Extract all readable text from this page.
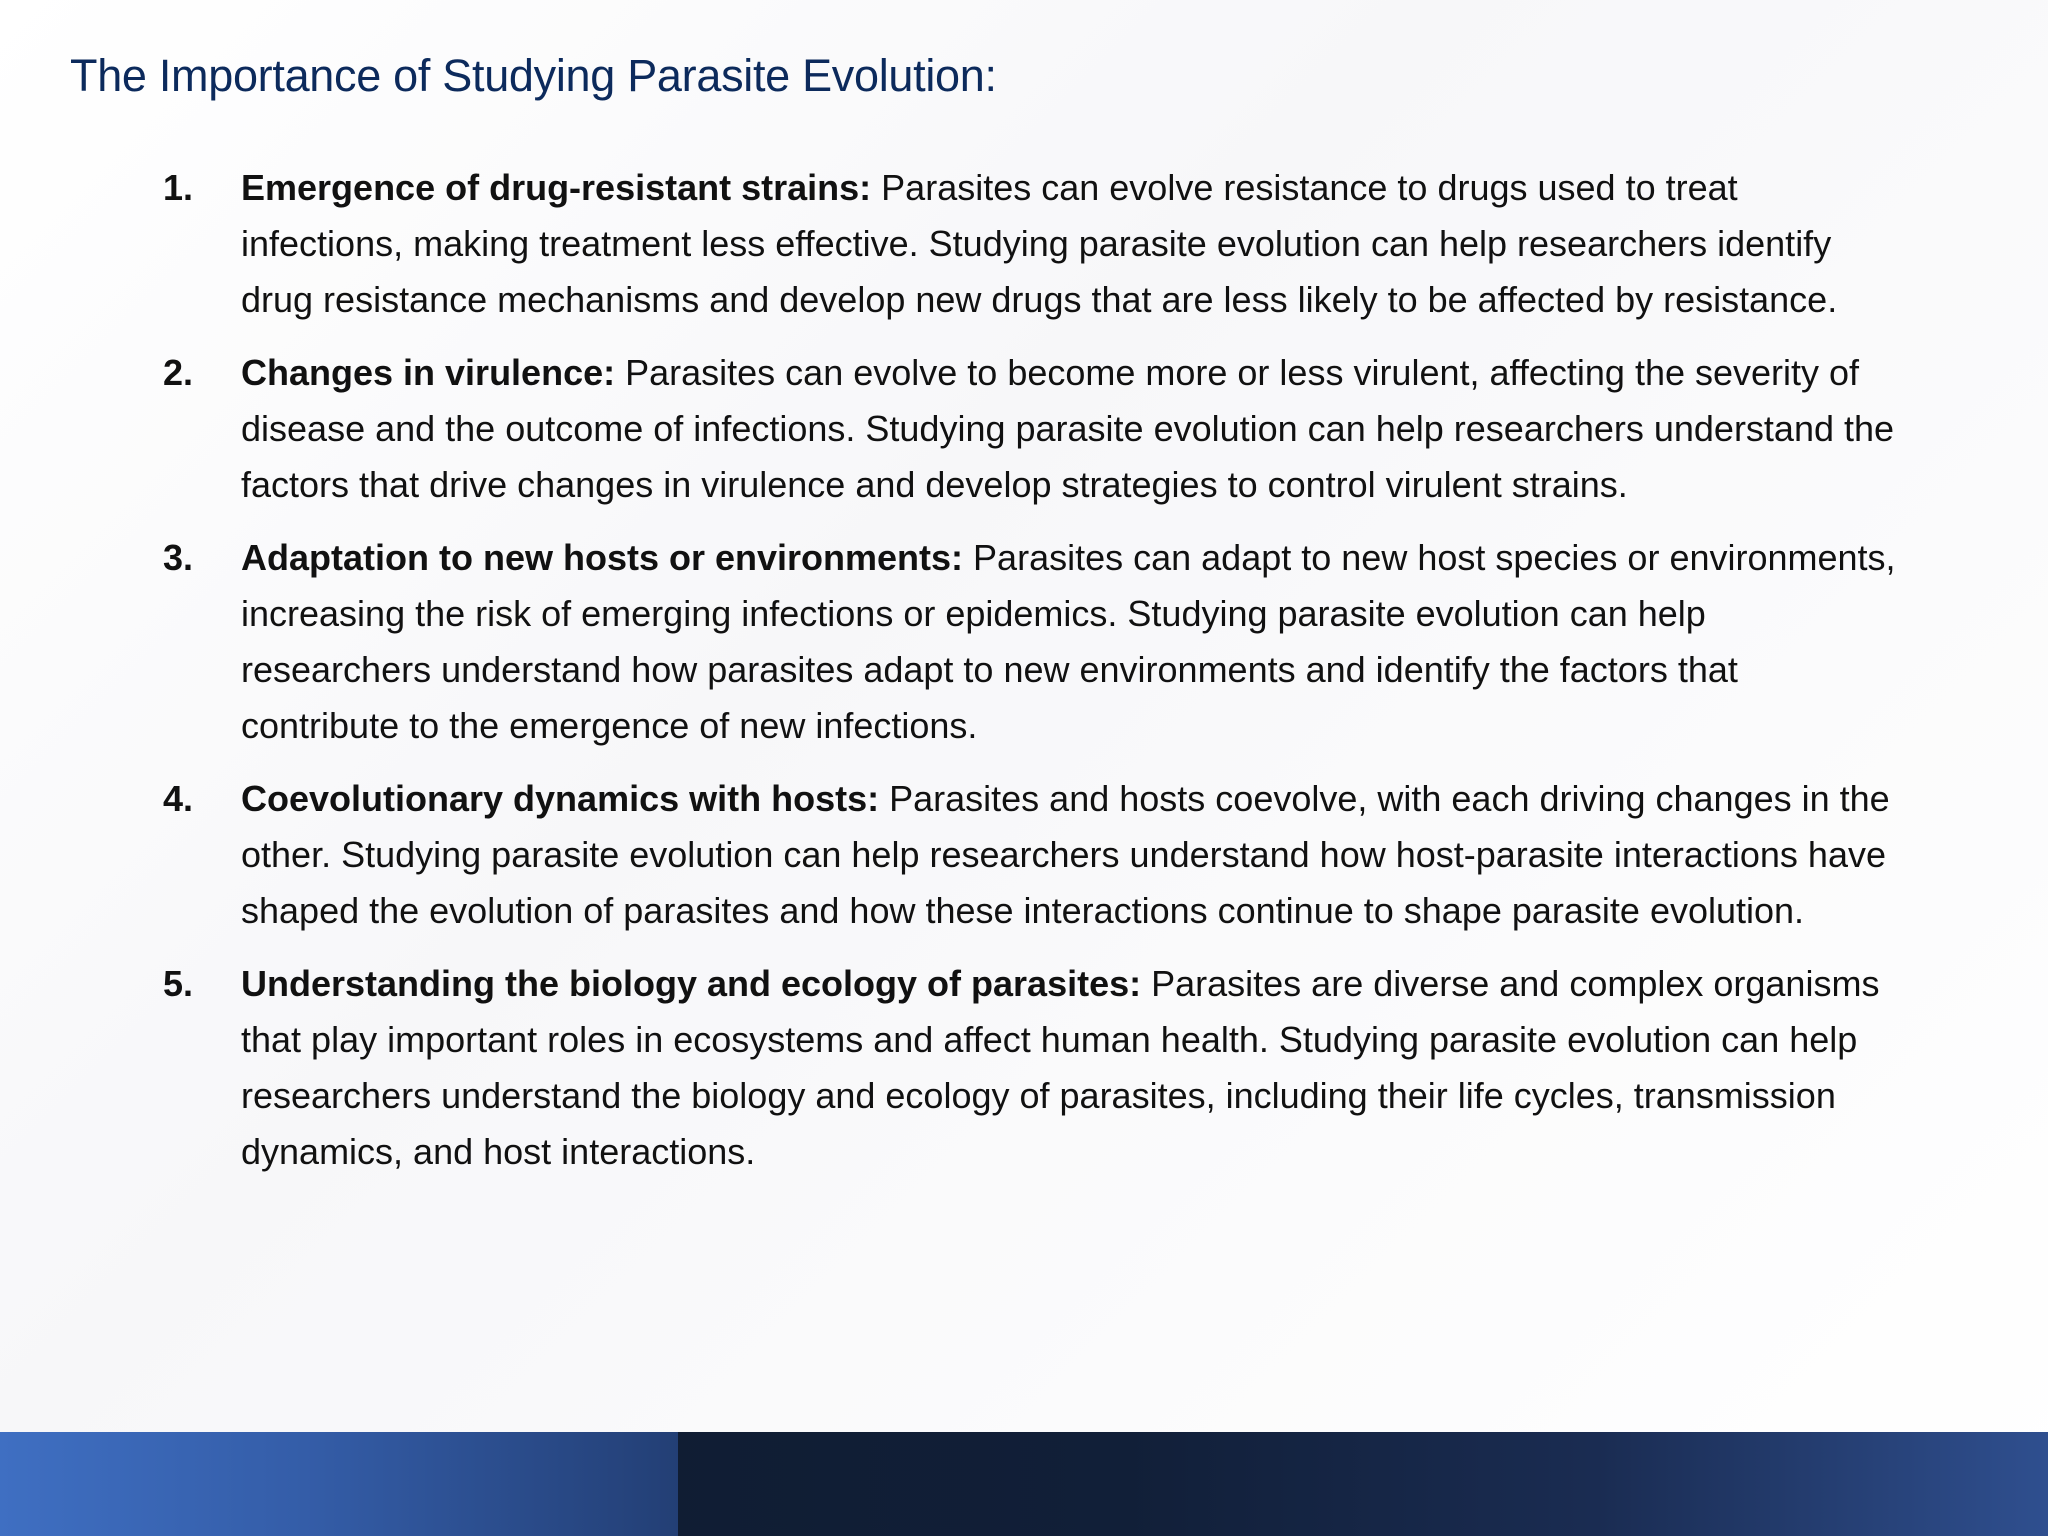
The Importance of Studying Parasite Evolution:
1.	Emergence of drug-resistant strains: Parasites can evolve resistance to drugs used to treat infections, making treatment less effective. Studying parasite evolution can help researchers identify drug resistance mechanisms and develop new drugs that are less likely to be affected by resistance.
2.	Changes in virulence: Parasites can evolve to become more or less virulent, affecting the severity of disease and the outcome of infections. Studying parasite evolution can help researchers understand the factors that drive changes in virulence and develop strategies to control virulent strains.
3.	Adaptation to new hosts or environments: Parasites can adapt to new host species or environments, increasing the risk of emerging infections or epidemics. Studying parasite evolution can help researchers understand how parasites adapt to new environments and identify the factors that contribute to the emergence of new infections.
4.	Coevolutionary dynamics with hosts: Parasites and hosts coevolve, with each driving changes in the other. Studying parasite evolution can help researchers understand how host-parasite interactions have shaped the evolution of parasites and how these interactions continue to shape parasite evolution.
5.	Understanding the biology and ecology of parasites: Parasites are diverse and complex organisms that play important roles in ecosystems and affect human health. Studying parasite evolution can help researchers understand the biology and ecology of parasites, including their life cycles, transmission dynamics, and host interactions.
